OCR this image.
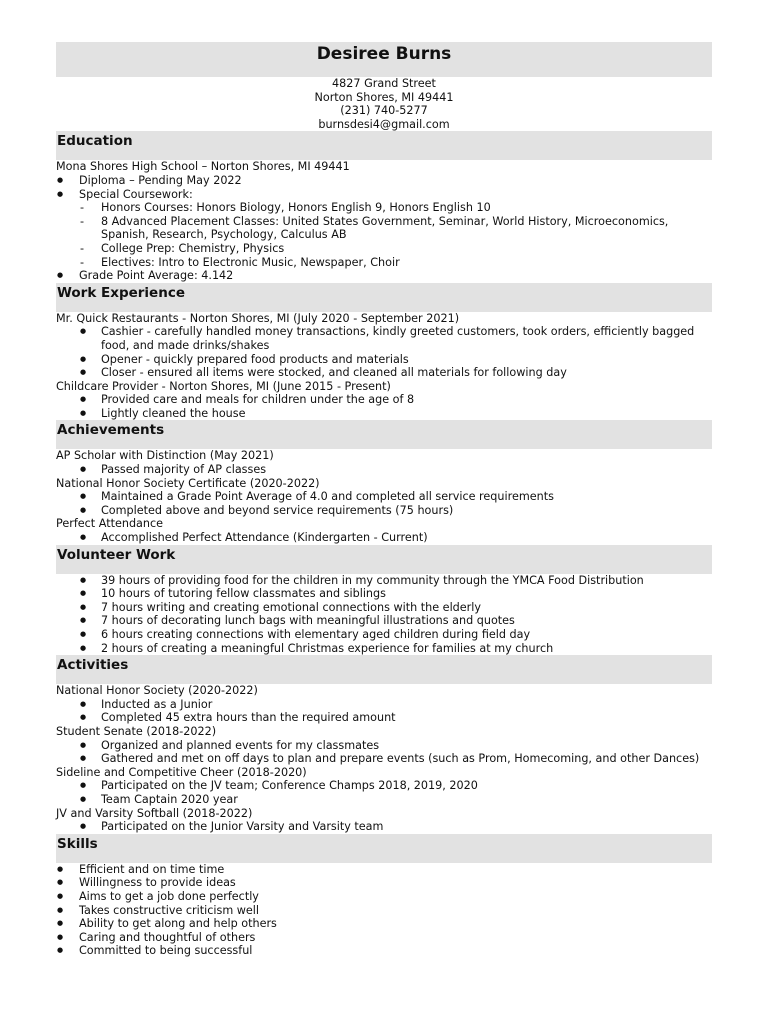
Desiree Burns
4827 Grand Street
Norton Shores, MI 49441
(231) 740-5277
burnsdesi4@gmail.com
Education
Mona Shores High School – Norton Shores, MI 49441
● Diploma – Pending May 2022
● Special Coursework:
- Honors Courses: Honors Biology, Honors English 9, Honors English 10
- 8 Advanced Placement Classes: United States Government, Seminar, World History, Microeconomics, Spanish, Research, Psychology, Calculus AB
- College Prep: Chemistry, Physics
- Electives: Intro to Electronic Music, Newspaper, Choir
● Grade Point Average: 4.142
Work Experience
Mr. Quick Restaurants - Norton Shores, MI (July 2020 - September 2021)
● Cashier - carefully handled money transactions, kindly greeted customers, took orders, efficiently bagged food, and made drinks/shakes
● Opener - quickly prepared food products and materials
● Closer - ensured all items were stocked, and cleaned all materials for following day
Childcare Provider - Norton Shores, MI (June 2015 - Present)
● Provided care and meals for children under the age of 8
● Lightly cleaned the house
Achievements
AP Scholar with Distinction (May 2021)
● Passed majority of AP classes
National Honor Society Certificate (2020-2022)
● Maintained a Grade Point Average of 4.0 and completed all service requirements
● Completed above and beyond service requirements (75 hours)
Perfect Attendance
● Accomplished Perfect Attendance (Kindergarten - Current)
Volunteer Work
● 39 hours of providing food for the children in my community through the YMCA Food Distribution
● 10 hours of tutoring fellow classmates and siblings
● 7 hours writing and creating emotional connections with the elderly
● 7 hours of decorating lunch bags with meaningful illustrations and quotes
● 6 hours creating connections with elementary aged children during field day
● 2 hours of creating a meaningful Christmas experience for families at my church
Activities
National Honor Society (2020-2022)
● Inducted as a Junior
● Completed 45 extra hours than the required amount
Student Senate (2018-2022)
● Organized and planned events for my classmates
● Gathered and met on off days to plan and prepare events (such as Prom, Homecoming, and other Dances)
Sideline and Competitive Cheer (2018-2020)
● Participated on the JV team; Conference Champs 2018, 2019, 2020
● Team Captain 2020 year
JV and Varsity Softball (2018-2022)
● Participated on the Junior Varsity and Varsity team
Skills
● Efficient and on time time
● Willingness to provide ideas
● Aims to get a job done perfectly
● Takes constructive criticism well
● Ability to get along and help others
● Caring and thoughtful of others
● Committed to being successful
